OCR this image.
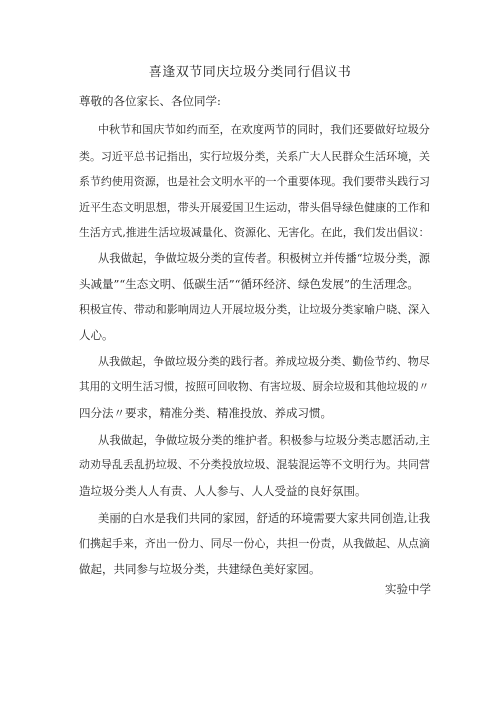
喜逢双节同庆垃圾分类同行倡议书
尊敬的各位家长、各位同学:
中秋节和国庆节如约而至，在欢度两节的同时，我们还要做好垃圾分
类。习近平总书记指出，实行垃圾分类，关系广大人民群众生活环境，关
系节约使用资源，也是社会文明水平的一个重要体现。我们要带头践行习
近平生态文明思想，带头开展爱国卫生运动，带头倡导绿色健康的工作和
生活方式,推进生活垃圾减量化、资源化、无害化。在此，我们发出倡议：
从我做起，争做垃圾分类的宣传者。积极树立并传播“垃圾分类，源
头减量”“生态文明、低碳生活”“循环经济、绿色发展”的生活理念。
积极宣传、带动和影响周边人开展垃圾分类，让垃圾分类家喻户晓、深入
人心。
从我做起，争做垃圾分类的践行者。养成垃圾分类、勤俭节约、物尽
其用的文明生活习惯，按照可回收物、有害垃圾、厨余垃圾和其他垃圾的〃
四分法〃要求，精准分类、精准投放、养成习惯。
从我做起，争做垃圾分类的维护者。积极参与垃圾分类志愿活动,主
动劝导乱丢乱扔垃圾、不分类投放垃圾、混装混运等不文明行为。共同营
造垃圾分类人人有责、人人参与、人人受益的良好氛围。
美丽的白水是我们共同的家园，舒适的环境需要大家共同创造,让我
们携起手来，齐出一份力、同尽一份心，共担一份责，从我做起、从点滴
做起，共同参与垃圾分类，共建绿色美好家园。
实验中学
